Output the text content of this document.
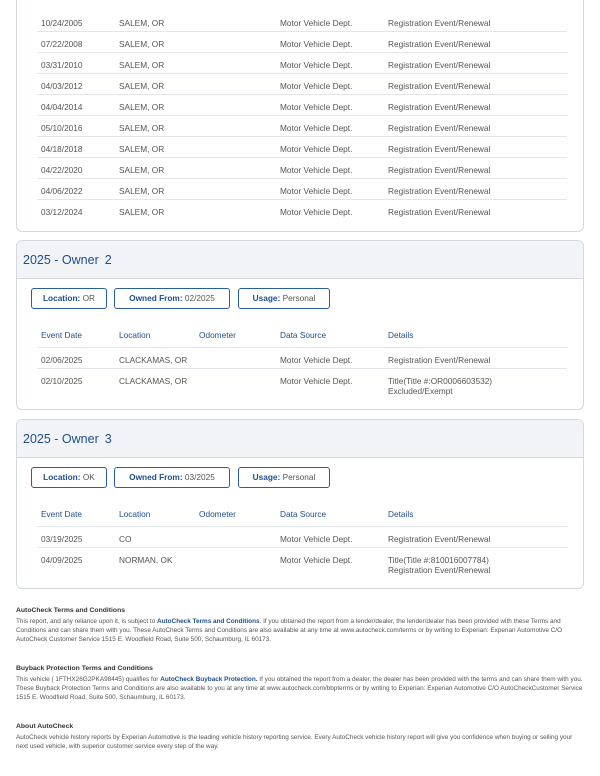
10/24/2005	SALEM, OR	Motor Vehicle Dept.	Registration Event/Renewal
07/22/2008	SALEM, OR	Motor Vehicle Dept.	Registration Event/Renewal
03/31/2010	SALEM, OR	Motor Vehicle Dept.	Registration Event/Renewal
04/03/2012	SALEM, OR	Motor Vehicle Dept.	Registration Event/Renewal
04/04/2014	SALEM, OR	Motor Vehicle Dept.	Registration Event/Renewal
05/10/2016	SALEM, OR	Motor Vehicle Dept.	Registration Event/Renewal
04/18/2018	SALEM, OR	Motor Vehicle Dept.	Registration Event/Renewal
04/22/2020	SALEM, OR	Motor Vehicle Dept.	Registration Event/Renewal
04/06/2022	SALEM, OR	Motor Vehicle Dept.	Registration Event/Renewal
03/12/2024	SALEM, OR	Motor Vehicle Dept.	Registration Event/Renewal
2025 - Owner 2
Location: OR	Owned From: 02/2025	Usage: Personal
Event Date	Location	Odometer	Data Source	Details
02/06/2025	CLACKAMAS, OR	Motor Vehicle Dept.	Registration Event/Renewal
02/10/2025	CLACKAMAS, OR	Motor Vehicle Dept.	Title(Title #:OR0006603532)
Excluded/Exempt
2025 - Owner 3
Location: OK	Owned From: 03/2025	Usage: Personal
Event Date	Location	Odometer	Data Source	Details
03/19/2025	CO	Motor Vehicle Dept.	Registration Event/Renewal
04/09/2025	NORMAN, OK	Motor Vehicle Dept.	Title(Title #:810016007784)
Registration Event/Renewal
AutoCheck Terms and Conditions

This report, and any reliance upon it, is subject to AutoCheck Terms and Conditions. If you obtained the report from a lender/dealer, the lender/dealer has been provided with these Terms and Conditions and can share them with you. These AutoCheck Terms and Conditions are also available at any time at www.autocheck.com/terms or by writing to Experian: Experian Automotive C/O AutoCheck Customer Service 1515 E. Woodfield Road, Suite 500, Schaumburg, IL 60173.

Buyback Protection Terms and Conditions

This vehicle ( 1FTHX26G2PKA98445) qualifies for AutoCheck Buyback Protection. If you obtained the report from a dealer, the dealer has been provided with the terms and can share them with you. These Buyback Protection Terms and Conditions are also available to you at any time at www.autocheck.com/bbpterms or by writing to Experian: Experian Automotive C/O AutoCheckCustomer Service 1515 E. Woodfield Road, Suite 500, Schaumburg, IL 60173.

About AutoCheck

AutoCheck vehicle history reports by Experian Automotive is the leading vehicle history reporting service. Every AutoCheck vehicle history report will give you confidence when buying or selling your next used vehicle, with superior customer service every step of the way.
